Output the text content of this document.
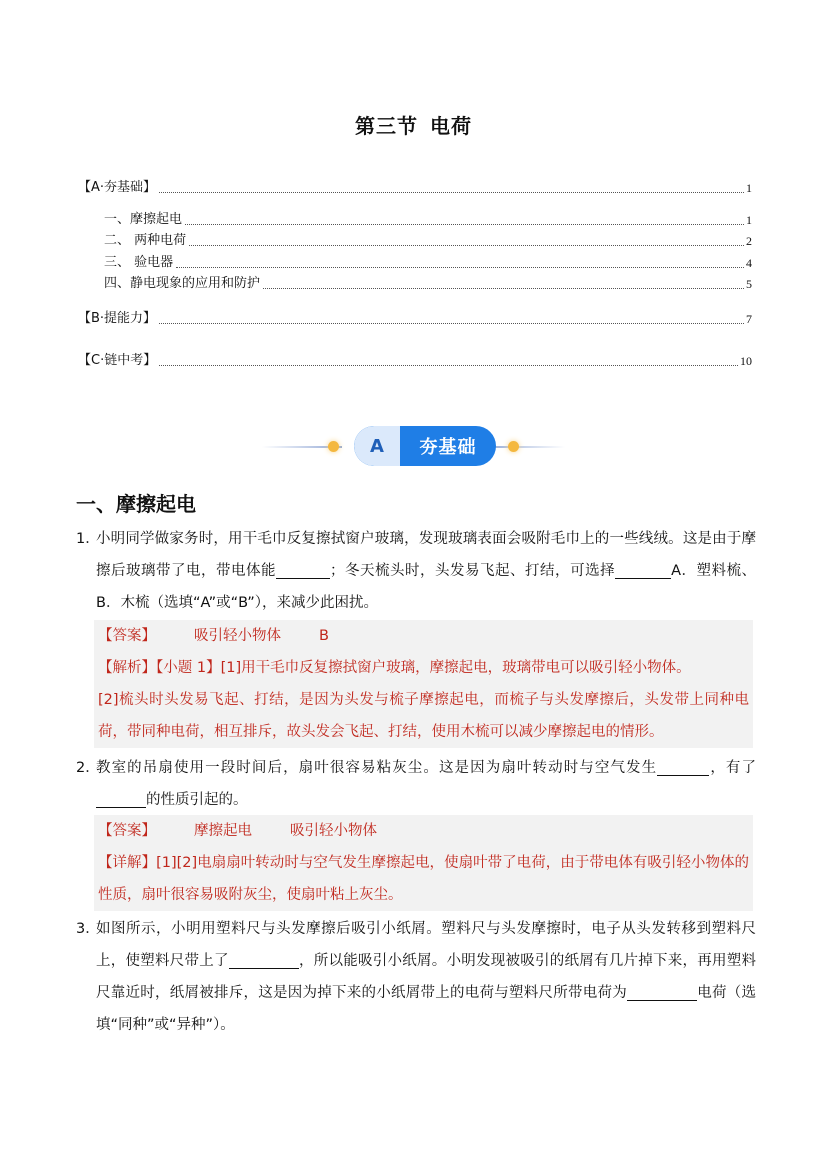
第三节 电荷
【A·夯基础】	1
一、摩擦起电	1
二、 两种电荷	2
三、 验电器	4
四、静电现象的应用和防护	5
【B·提能力】	7
【C·链中考】	10
A	夯基础
一、摩擦起电
1．
小明同学做家务时，用干毛巾反复擦拭窗户玻璃，发现玻璃表面会吸附毛巾上的一些线绒。这是由于摩擦后玻璃带了电，带电体能	；冬天梳头时，头发易飞起、打结，可选择	A．塑料梳、B．木梳（选填“A”或“B”），来减少此困扰。

【答案】	吸引轻小物体	B

【解析】【小题 1】[1]用干毛巾反复擦拭窗户玻璃，摩擦起电，玻璃带电可以吸引轻小物体。

[2]梳头时头发易飞起、打结，是因为头发与梳子摩擦起电，而梳子与头发摩擦后，头发带上同种电荷，带同种电荷，相互排斥，故头发会飞起、打结，使用木梳可以减少摩擦起电的情形。

2．
教室的吊扇使用一段时间后，扇叶很容易粘灰尘。这是因为扇叶转动时与空气发生	，有了的性质引起的。

【答案】	摩擦起电	吸引轻小物体

【详解】[1][2]电扇扇叶转动时与空气发生摩擦起电，使扇叶带了电荷，由于带电体有吸引轻小物体的性质，扇叶很容易吸附灰尘，使扇叶粘上灰尘。

3．
如图所示，小明用塑料尺与头发摩擦后吸引小纸屑。塑料尺与头发摩擦时，电子从头发转移到塑料尺上，使塑料尺带上了	，所以能吸引小纸屑。小明发现被吸引的纸屑有几片掉下来，再用塑料尺靠近时，纸屑被排斥，这是因为掉下来的小纸屑带上的电荷与塑料尺所带电荷为	电荷（选填“同种”或“异种”）。
